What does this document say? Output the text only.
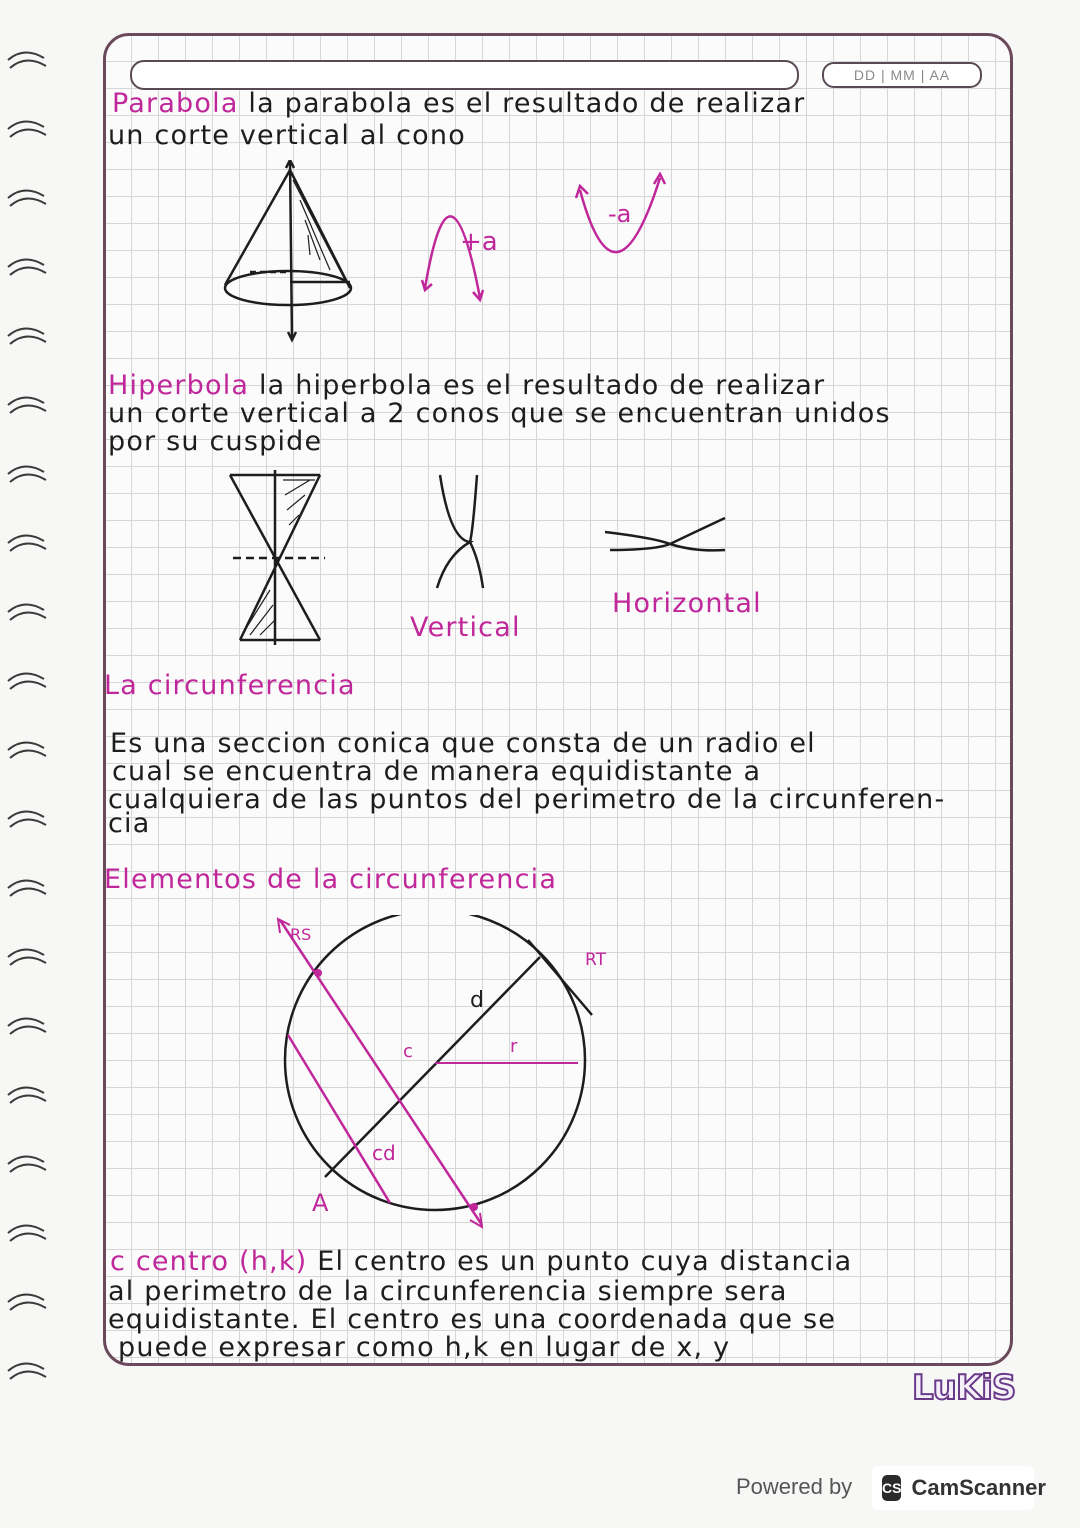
DD | MM | AA
Parabola la parabola es el resultado de realizar
un corte vertical al cono
+a
-a
Hiperbola la hiperbola es el resultado de realizar
un corte vertical a 2 conos que se encuentran unidos
por su cuspide
Vertical
Horizontal
La circunferencia
Es una seccion conica que consta de un radio el
cual se encuentra de manera equidistante a
cualquiera de las puntos del perimetro de la circunferen-
cia
Elementos de la circunferencia
RS
RT
d
c	r
cd
A
c centro (h,k) El centro es un punto cuya distancia
al perimetro de la circunferencia siempre sera
equidistante. El centro es una coordenada que se
puede expresar como h,k en lugar de x, y
LuKiS
Powered by CS CamScanner
